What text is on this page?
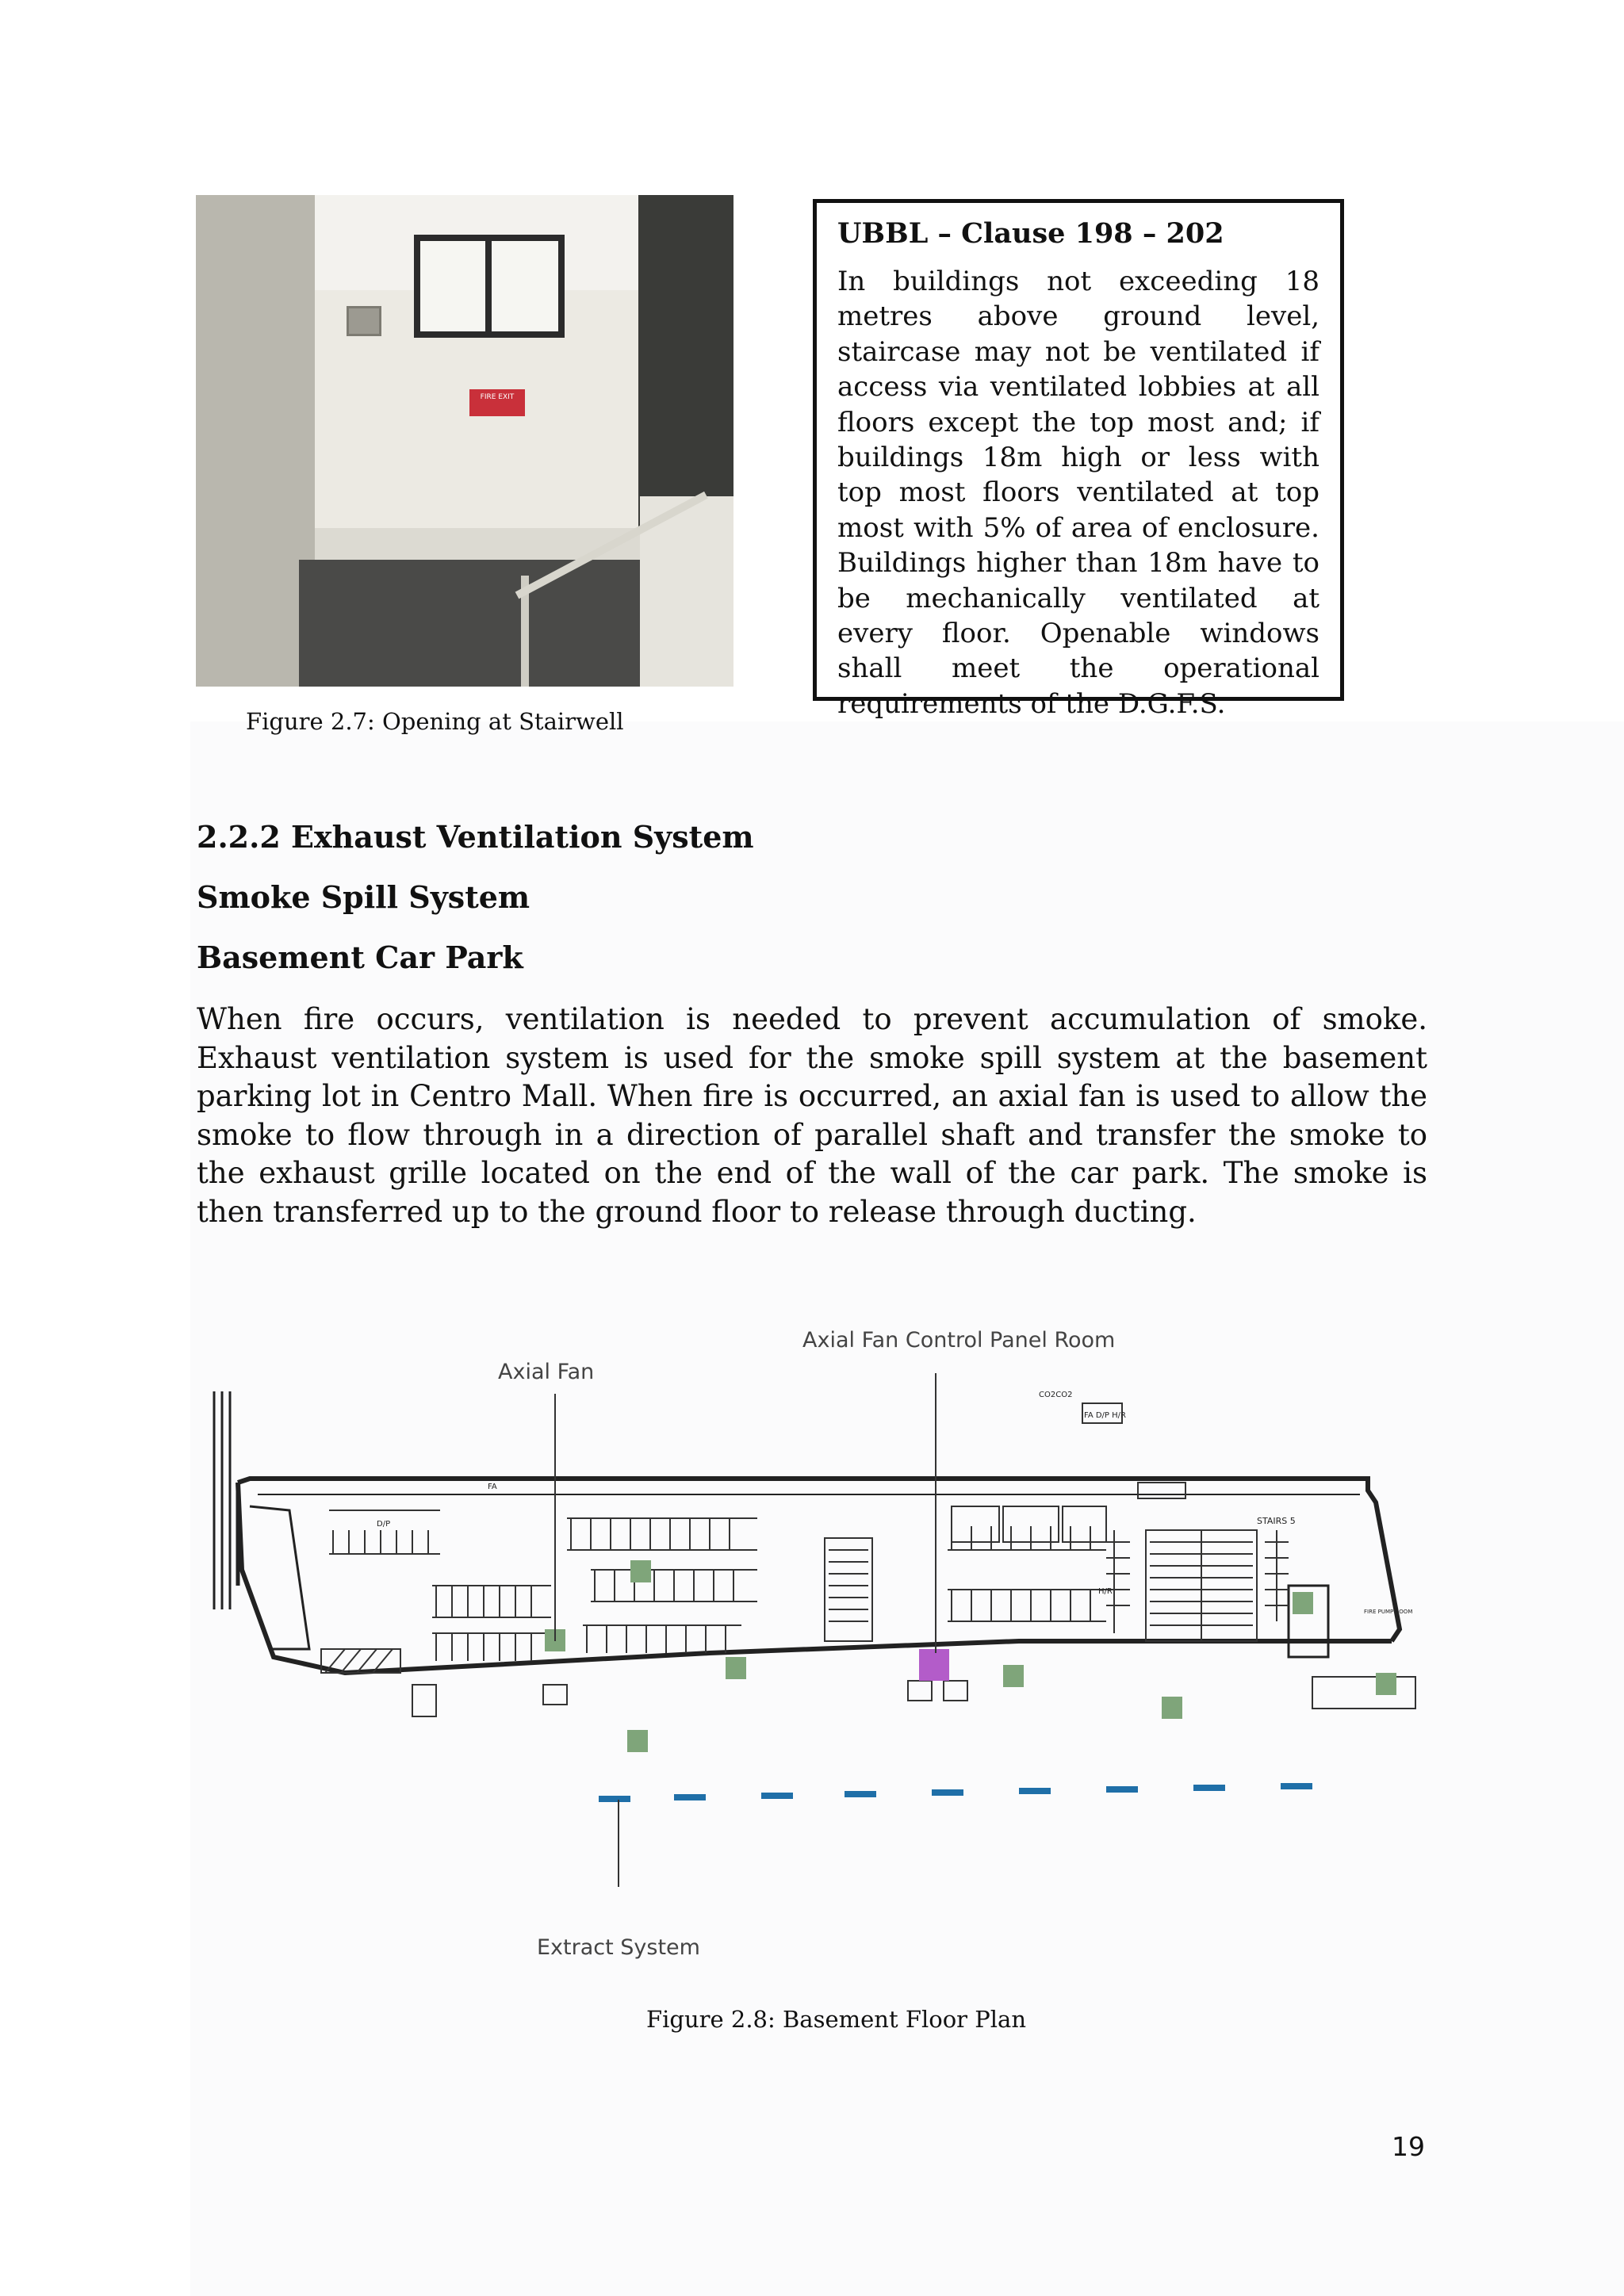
FIRE EXIT
Figure 2.7: Opening at Stairwell
UBBL – Clause 198 – 202

In buildings not exceeding 18 metres above ground level, staircase may not be ventilated if access via ventilated lobbies at all floors except the top most and; if buildings 18m high or less with top most floors ventilated at top most with 5% of area of enclosure. Buildings higher than 18m have to be mechanically ventilated at every floor. Openable windows shall meet the operational requirements of the D.G.F.S.

2.2.2 Exhaust Ventilation System
Smoke Spill System
Basement Car Park

When fire occurs, ventilation is needed to prevent accumulation of smoke. Exhaust ventilation system is used for the smoke spill system at the basement parking lot in Centro Mall. When fire is occurred, an axial fan is used to allow the smoke to flow through in a direction of parallel shaft and transfer the smoke to the exhaust grille located on the end of the wall of the car park. The smoke is then transferred up to the ground floor to release through ducting.

Axial Fan
Axial Fan Control Panel Room
Extract System
STAIRS 5
FIRE PUMP ROOM
CO2CO2
FA D/P H/R
H/R
D/P
FA
Figure 2.8: Basement Floor Plan
19
